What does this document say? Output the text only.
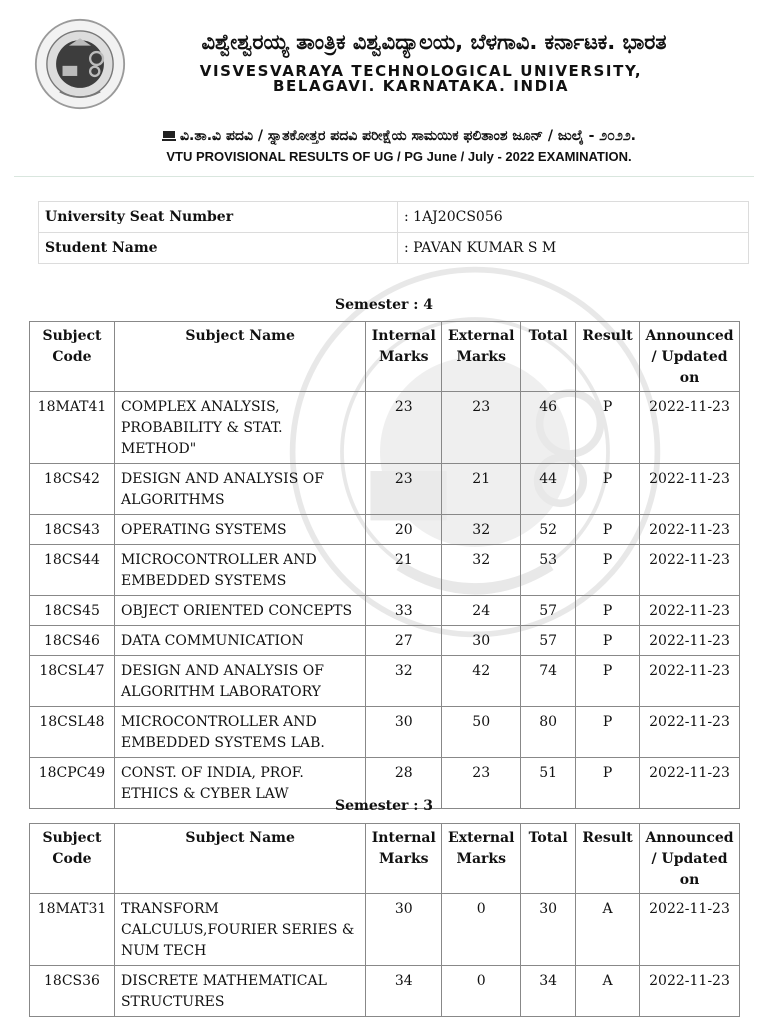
ವಿಶ್ವೇಶ್ವರಯ್ಯ ತಾಂತ್ರಿಕ ವಿಶ್ವವಿದ್ಯಾಲಯ, ಬೆಳಗಾವಿ. ಕರ್ನಾಟಕ. ಭಾರತ
VISVESVARAYA TECHNOLOGICAL UNIVERSITY,
BELAGAVI. KARNATAKA. INDIA
ವಿ.ತಾ.ವಿ ಪದವಿ / ಸ್ನಾತಕೋತ್ತರ ಪದವಿ ಪರೀಕ್ಷೆಯ ಸಾಮಯಿಕ ಫಲಿತಾಂಶ ಜೂನ್ / ಜುಲೈ - ೨೦೨೨.
VTU PROVISIONAL RESULTS OF UG / PG June / July - 2022 EXAMINATION.
University Seat Number	: 1AJ20CS056
Student Name	: PAVAN KUMAR S M
Semester : 4
Subject Code	Subject Name	Internal Marks	External Marks	Total	Result	Announced / Updated on
18MAT41	COMPLEX ANALYSIS, PROBABILITY & STAT. METHOD"	23	23	46	P	2022-11-23
18CS42	DESIGN AND ANALYSIS OF ALGORITHMS	23	21	44	P	2022-11-23
18CS43	OPERATING SYSTEMS	20	32	52	P	2022-11-23
18CS44	MICROCONTROLLER AND EMBEDDED SYSTEMS	21	32	53	P	2022-11-23
18CS45	OBJECT ORIENTED CONCEPTS	33	24	57	P	2022-11-23
18CS46	DATA COMMUNICATION	27	30	57	P	2022-11-23
18CSL47	DESIGN AND ANALYSIS OF ALGORITHM LABORATORY	32	42	74	P	2022-11-23
18CSL48	MICROCONTROLLER AND EMBEDDED SYSTEMS LAB.	30	50	80	P	2022-11-23
18CPC49	CONST. OF INDIA, PROF. ETHICS & CYBER LAW	28	23	51	P	2022-11-23
Semester : 3
Subject Code	Subject Name	Internal Marks	External Marks	Total	Result	Announced / Updated on
18MAT31	TRANSFORM CALCULUS,FOURIER SERIES & NUM TECH	30	0	30	A	2022-11-23
18CS36	DISCRETE MATHEMATICAL STRUCTURES	34	0	34	A	2022-11-23
